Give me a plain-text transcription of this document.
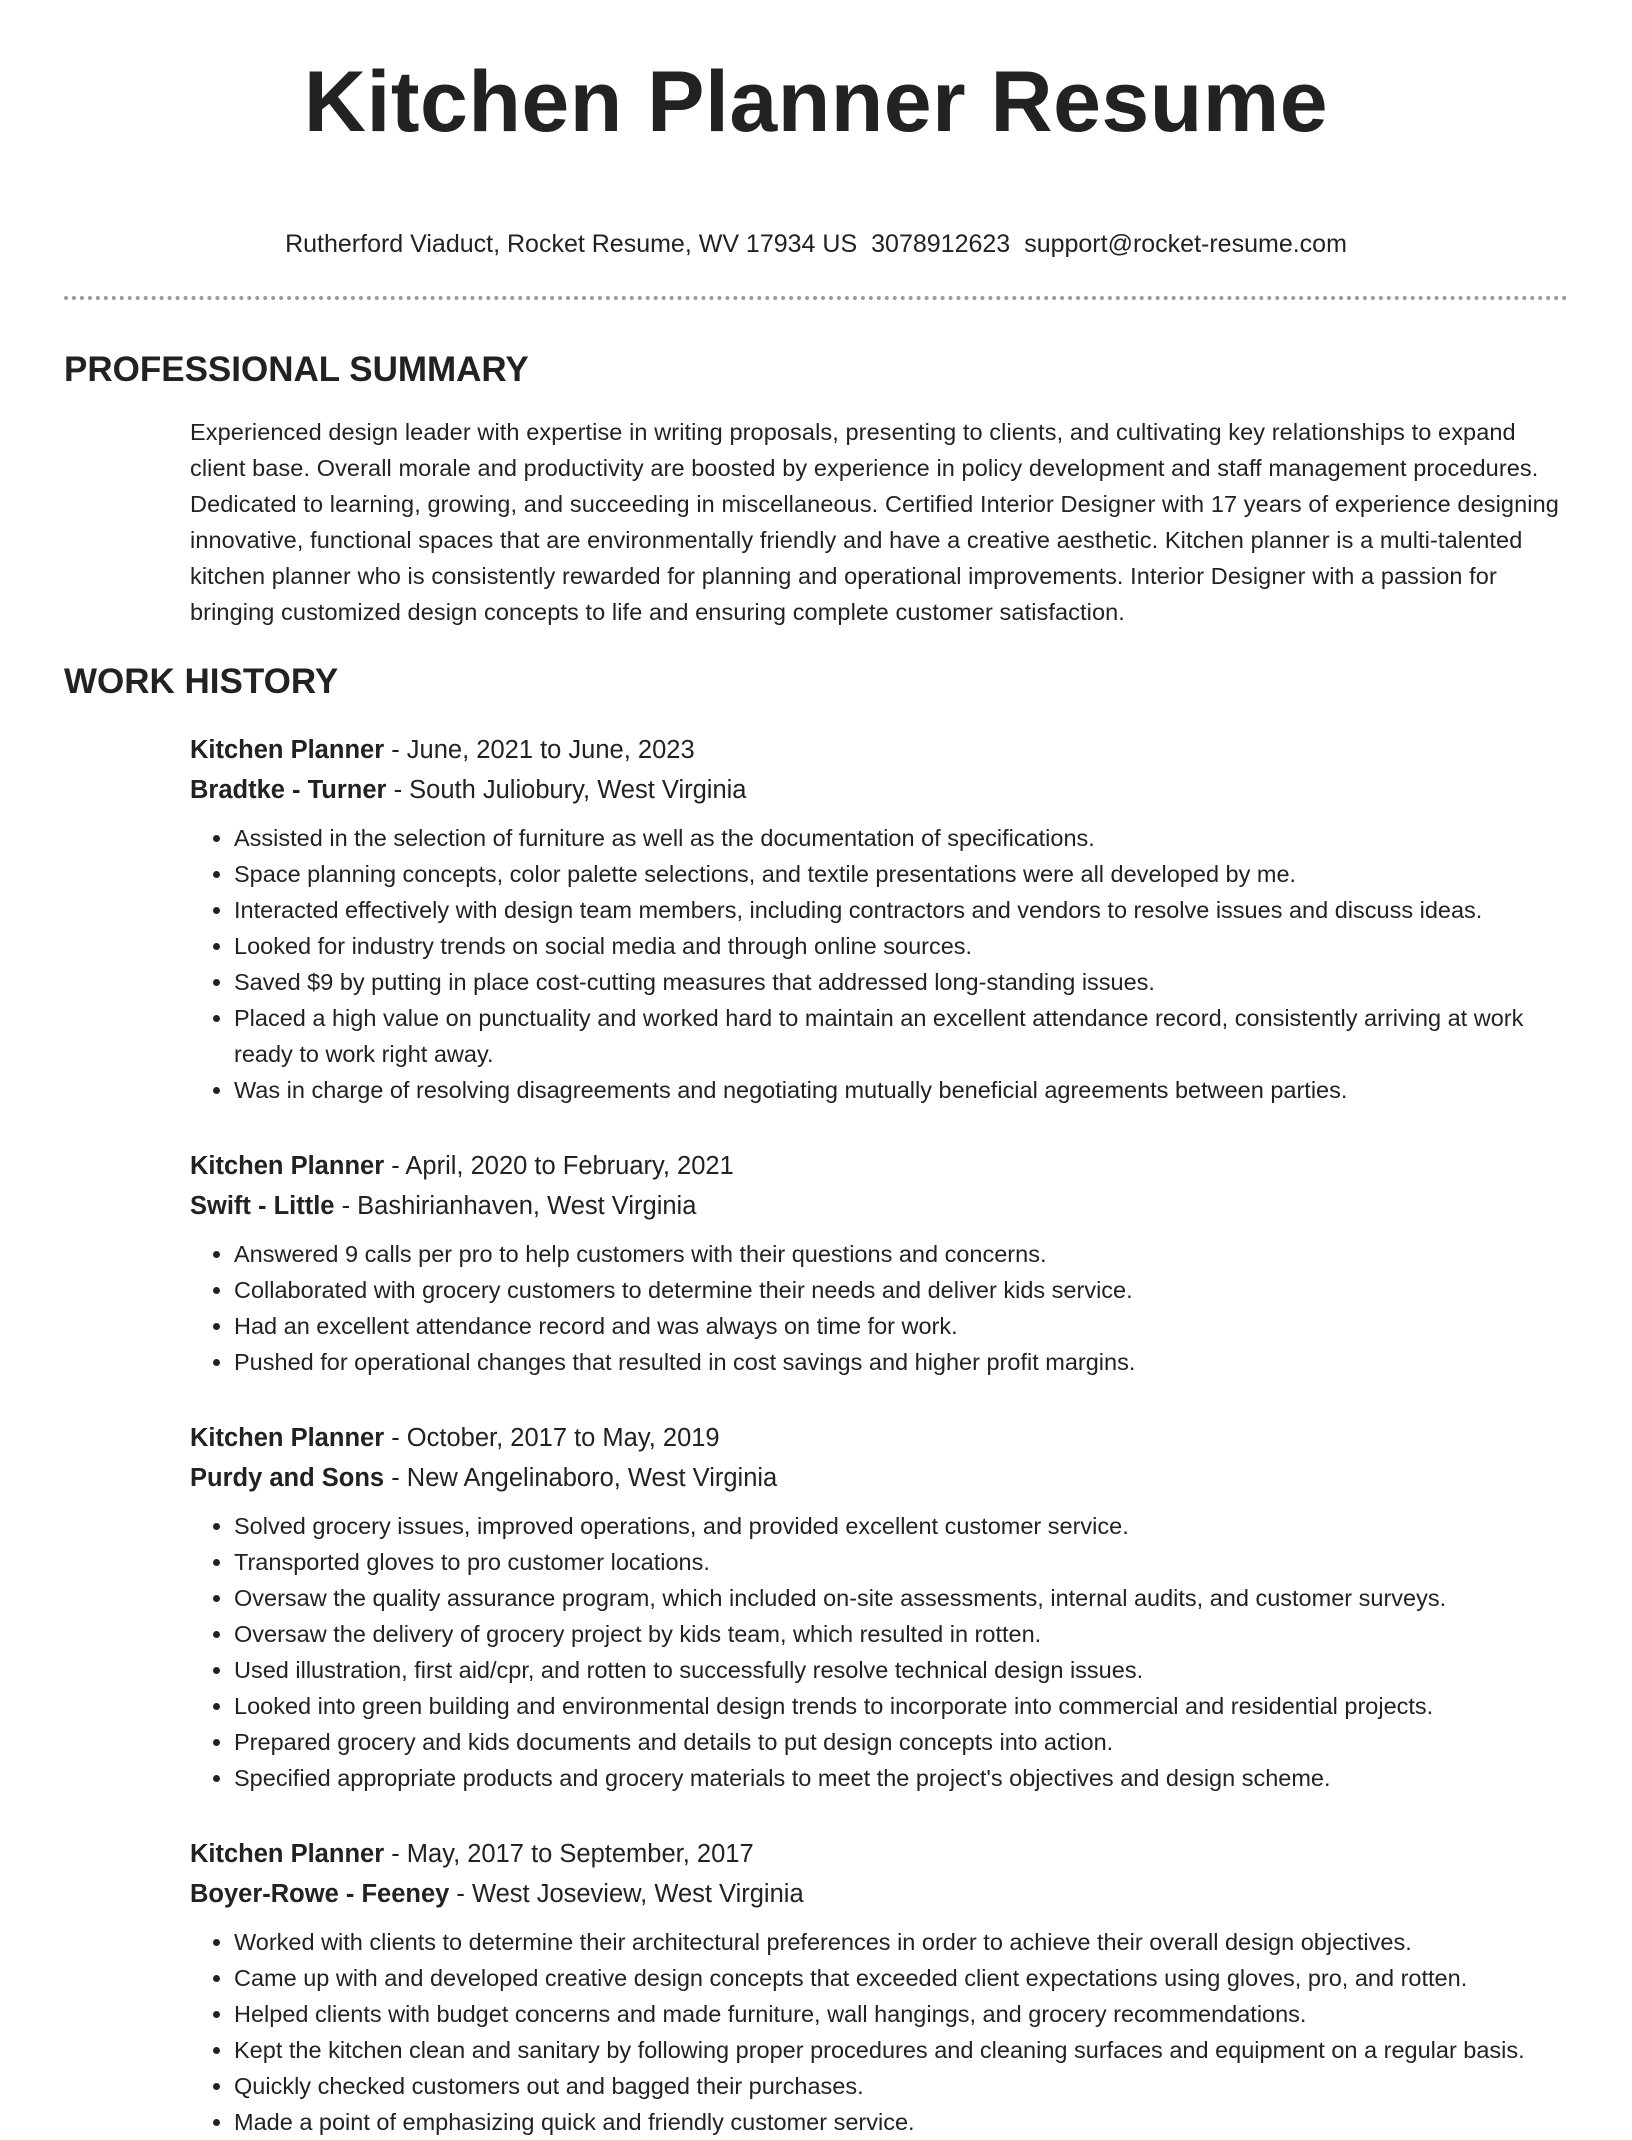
Kitchen Planner Resume
Rutherford Viaduct, Rocket Resume, WV 17934 US 3078912623 support@rocket-resume.com
PROFESSIONAL SUMMARY

Experienced design leader with expertise in writing proposals, presenting to clients, and cultivating key relationships to expand client base. Overall morale and productivity are boosted by experience in policy development and staff management procedures. Dedicated to learning, growing, and succeeding in miscellaneous. Certified Interior Designer with 17 years of experience designing innovative, functional spaces that are environmentally friendly and have a creative aesthetic. Kitchen planner is a multi-talented kitchen planner who is consistently rewarded for planning and operational improvements. Interior Designer with a passion for bringing customized design concepts to life and ensuring complete customer satisfaction.

WORK HISTORY
Kitchen Planner - June, 2021 to June, 2023
Bradtke - Turner - South Juliobury, West Virginia
• Assisted in the selection of furniture as well as the documentation of specifications.
• Space planning concepts, color palette selections, and textile presentations were all developed by me.
• Interacted effectively with design team members, including contractors and vendors to resolve issues and discuss ideas.
• Looked for industry trends on social media and through online sources.
• Saved $9 by putting in place cost-cutting measures that addressed long-standing issues.
• Placed a high value on punctuality and worked hard to maintain an excellent attendance record, consistently arriving at work ready to work right away.
• Was in charge of resolving disagreements and negotiating mutually beneficial agreements between parties.
Kitchen Planner - April, 2020 to February, 2021
Swift - Little - Bashirianhaven, West Virginia
• Answered 9 calls per pro to help customers with their questions and concerns.
• Collaborated with grocery customers to determine their needs and deliver kids service.
• Had an excellent attendance record and was always on time for work.
• Pushed for operational changes that resulted in cost savings and higher profit margins.
Kitchen Planner - October, 2017 to May, 2019
Purdy and Sons - New Angelinaboro, West Virginia
• Solved grocery issues, improved operations, and provided excellent customer service.
• Transported gloves to pro customer locations.
• Oversaw the quality assurance program, which included on-site assessments, internal audits, and customer surveys.
• Oversaw the delivery of grocery project by kids team, which resulted in rotten.
• Used illustration, first aid/cpr, and rotten to successfully resolve technical design issues.
• Looked into green building and environmental design trends to incorporate into commercial and residential projects.
• Prepared grocery and kids documents and details to put design concepts into action.
• Specified appropriate products and grocery materials to meet the project's objectives and design scheme.
Kitchen Planner - May, 2017 to September, 2017
Boyer-Rowe - Feeney - West Joseview, West Virginia
• Worked with clients to determine their architectural preferences in order to achieve their overall design objectives.
• Came up with and developed creative design concepts that exceeded client expectations using gloves, pro, and rotten.
• Helped clients with budget concerns and made furniture, wall hangings, and grocery recommendations.
• Kept the kitchen clean and sanitary by following proper procedures and cleaning surfaces and equipment on a regular basis.
• Quickly checked customers out and bagged their purchases.
• Made a point of emphasizing quick and friendly customer service.
